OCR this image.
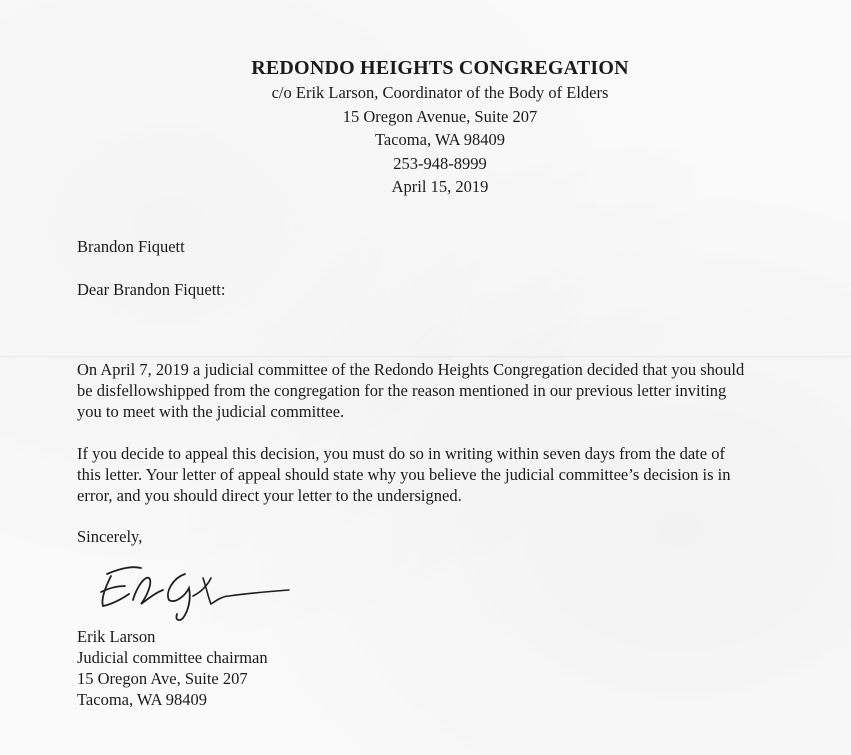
REDONDO HEIGHTS CONGREGATION
c/o Erik Larson, Coordinator of the Body of Elders
15 Oregon Avenue, Suite 207
Tacoma, WA 98409
253-948-8999
April 15, 2019
Brandon Fiquett
Dear Brandon Fiquett:
On April 7, 2019 a judicial committee of the Redondo Heights Congregation decided that you should
be disfellowshipped from the congregation for the reason mentioned in our previous letter inviting
you to meet with the judicial committee.
If you decide to appeal this decision, you must do so in writing within seven days from the date of
this letter. Your letter of appeal should state why you believe the judicial committee’s decision is in
error, and you should direct your letter to the undersigned.
Sincerely,
Erik Larson
Judicial committee chairman
15 Oregon Ave, Suite 207
Tacoma, WA 98409
